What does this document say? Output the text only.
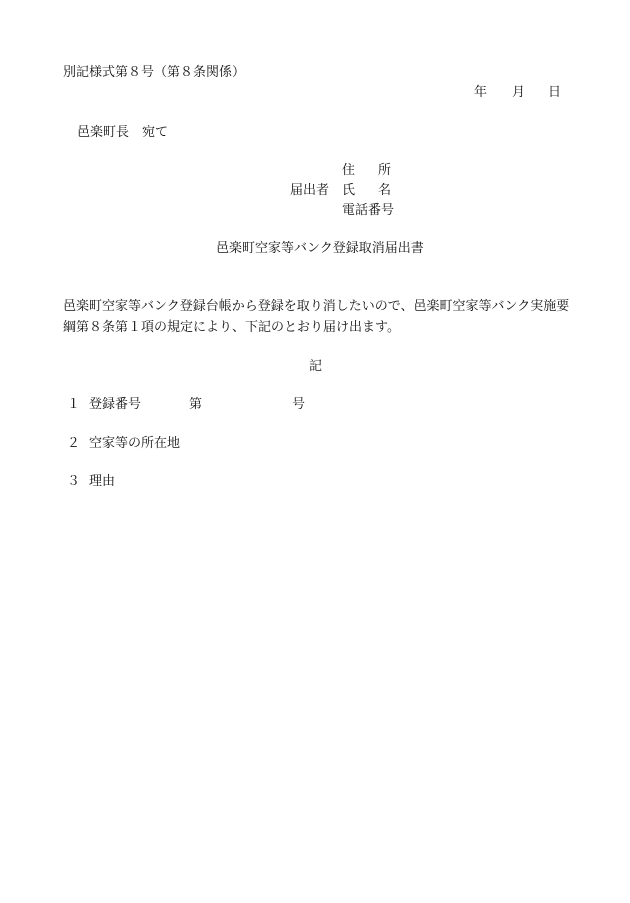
別記様式第８号（第８条関係）
年 月 日
邑楽町長　宛て
住 所
届出者 氏 名
電話番号
邑楽町空家等バンク登録取消届出書
邑楽町空家等バンク登録台帳から登録を取り消したいので、邑楽町空家等バンク実施要
綱第８条第１項の規定により、下記のとおり届け出ます。
記
１ 登録番号	第	号
２ 空家等の所在地
３ 理由
